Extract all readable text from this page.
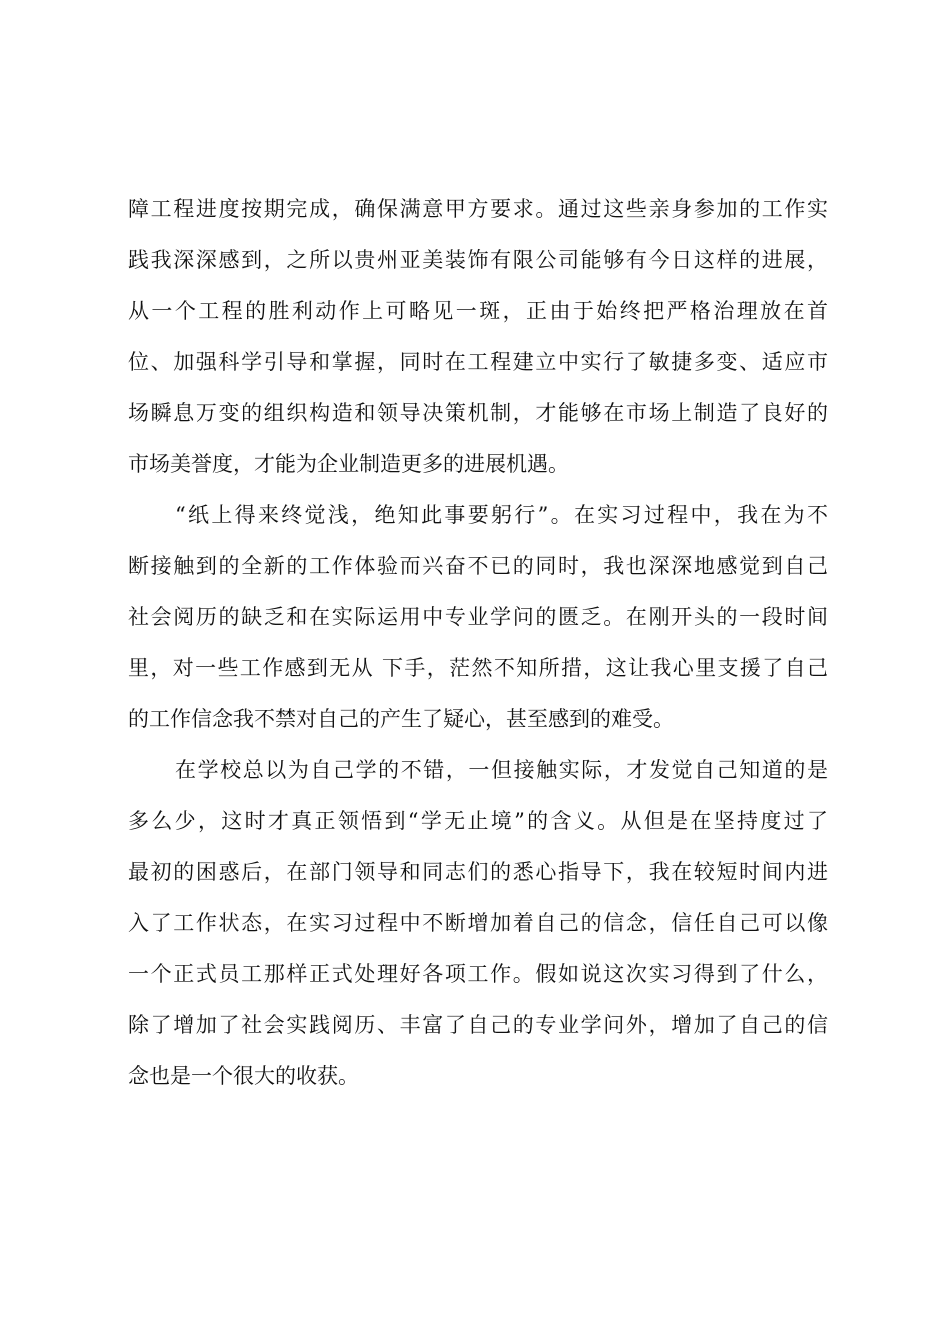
障工程进度按期完成，确保满意甲方要求。通过这些亲身参加的工作实
践我深深感到，之所以贵州亚美装饰有限公司能够有今日这样的进展，
从一个工程的胜利动作上可略见一斑，正由于始终把严格治理放在首
位、加强科学引导和掌握，同时在工程建立中实行了敏捷多变、适应市
场瞬息万变的组织构造和领导决策机制，才能够在市场上制造了良好的
市场美誉度，才能为企业制造更多的进展机遇。
“纸上得来终觉浅，绝知此事要躬行”。在实习过程中，我在为不
断接触到的全新的工作体验而兴奋不已的同时，我也深深地感觉到自己
社会阅历的缺乏和在实际运用中专业学问的匮乏。在刚开头的一段时间
里，对一些工作感到无从 下手，茫然不知所措，这让我心里支援了自己
的工作信念我不禁对自己的产生了疑心，甚至感到的难受。
在学校总以为自己学的不错，一但接触实际，才发觉自己知道的是
多么少，这时才真正领悟到“学无止境”的含义。从但是在坚持度过了
最初的困惑后，在部门领导和同志们的悉心指导下，我在较短时间内进
入了工作状态，在实习过程中不断增加着自己的信念，信任自己可以像
一个正式员工那样正式处理好各项工作。假如说这次实习得到了什么，
除了增加了社会实践阅历、丰富了自己的专业学问外，增加了自己的信
念也是一个很大的收获。
